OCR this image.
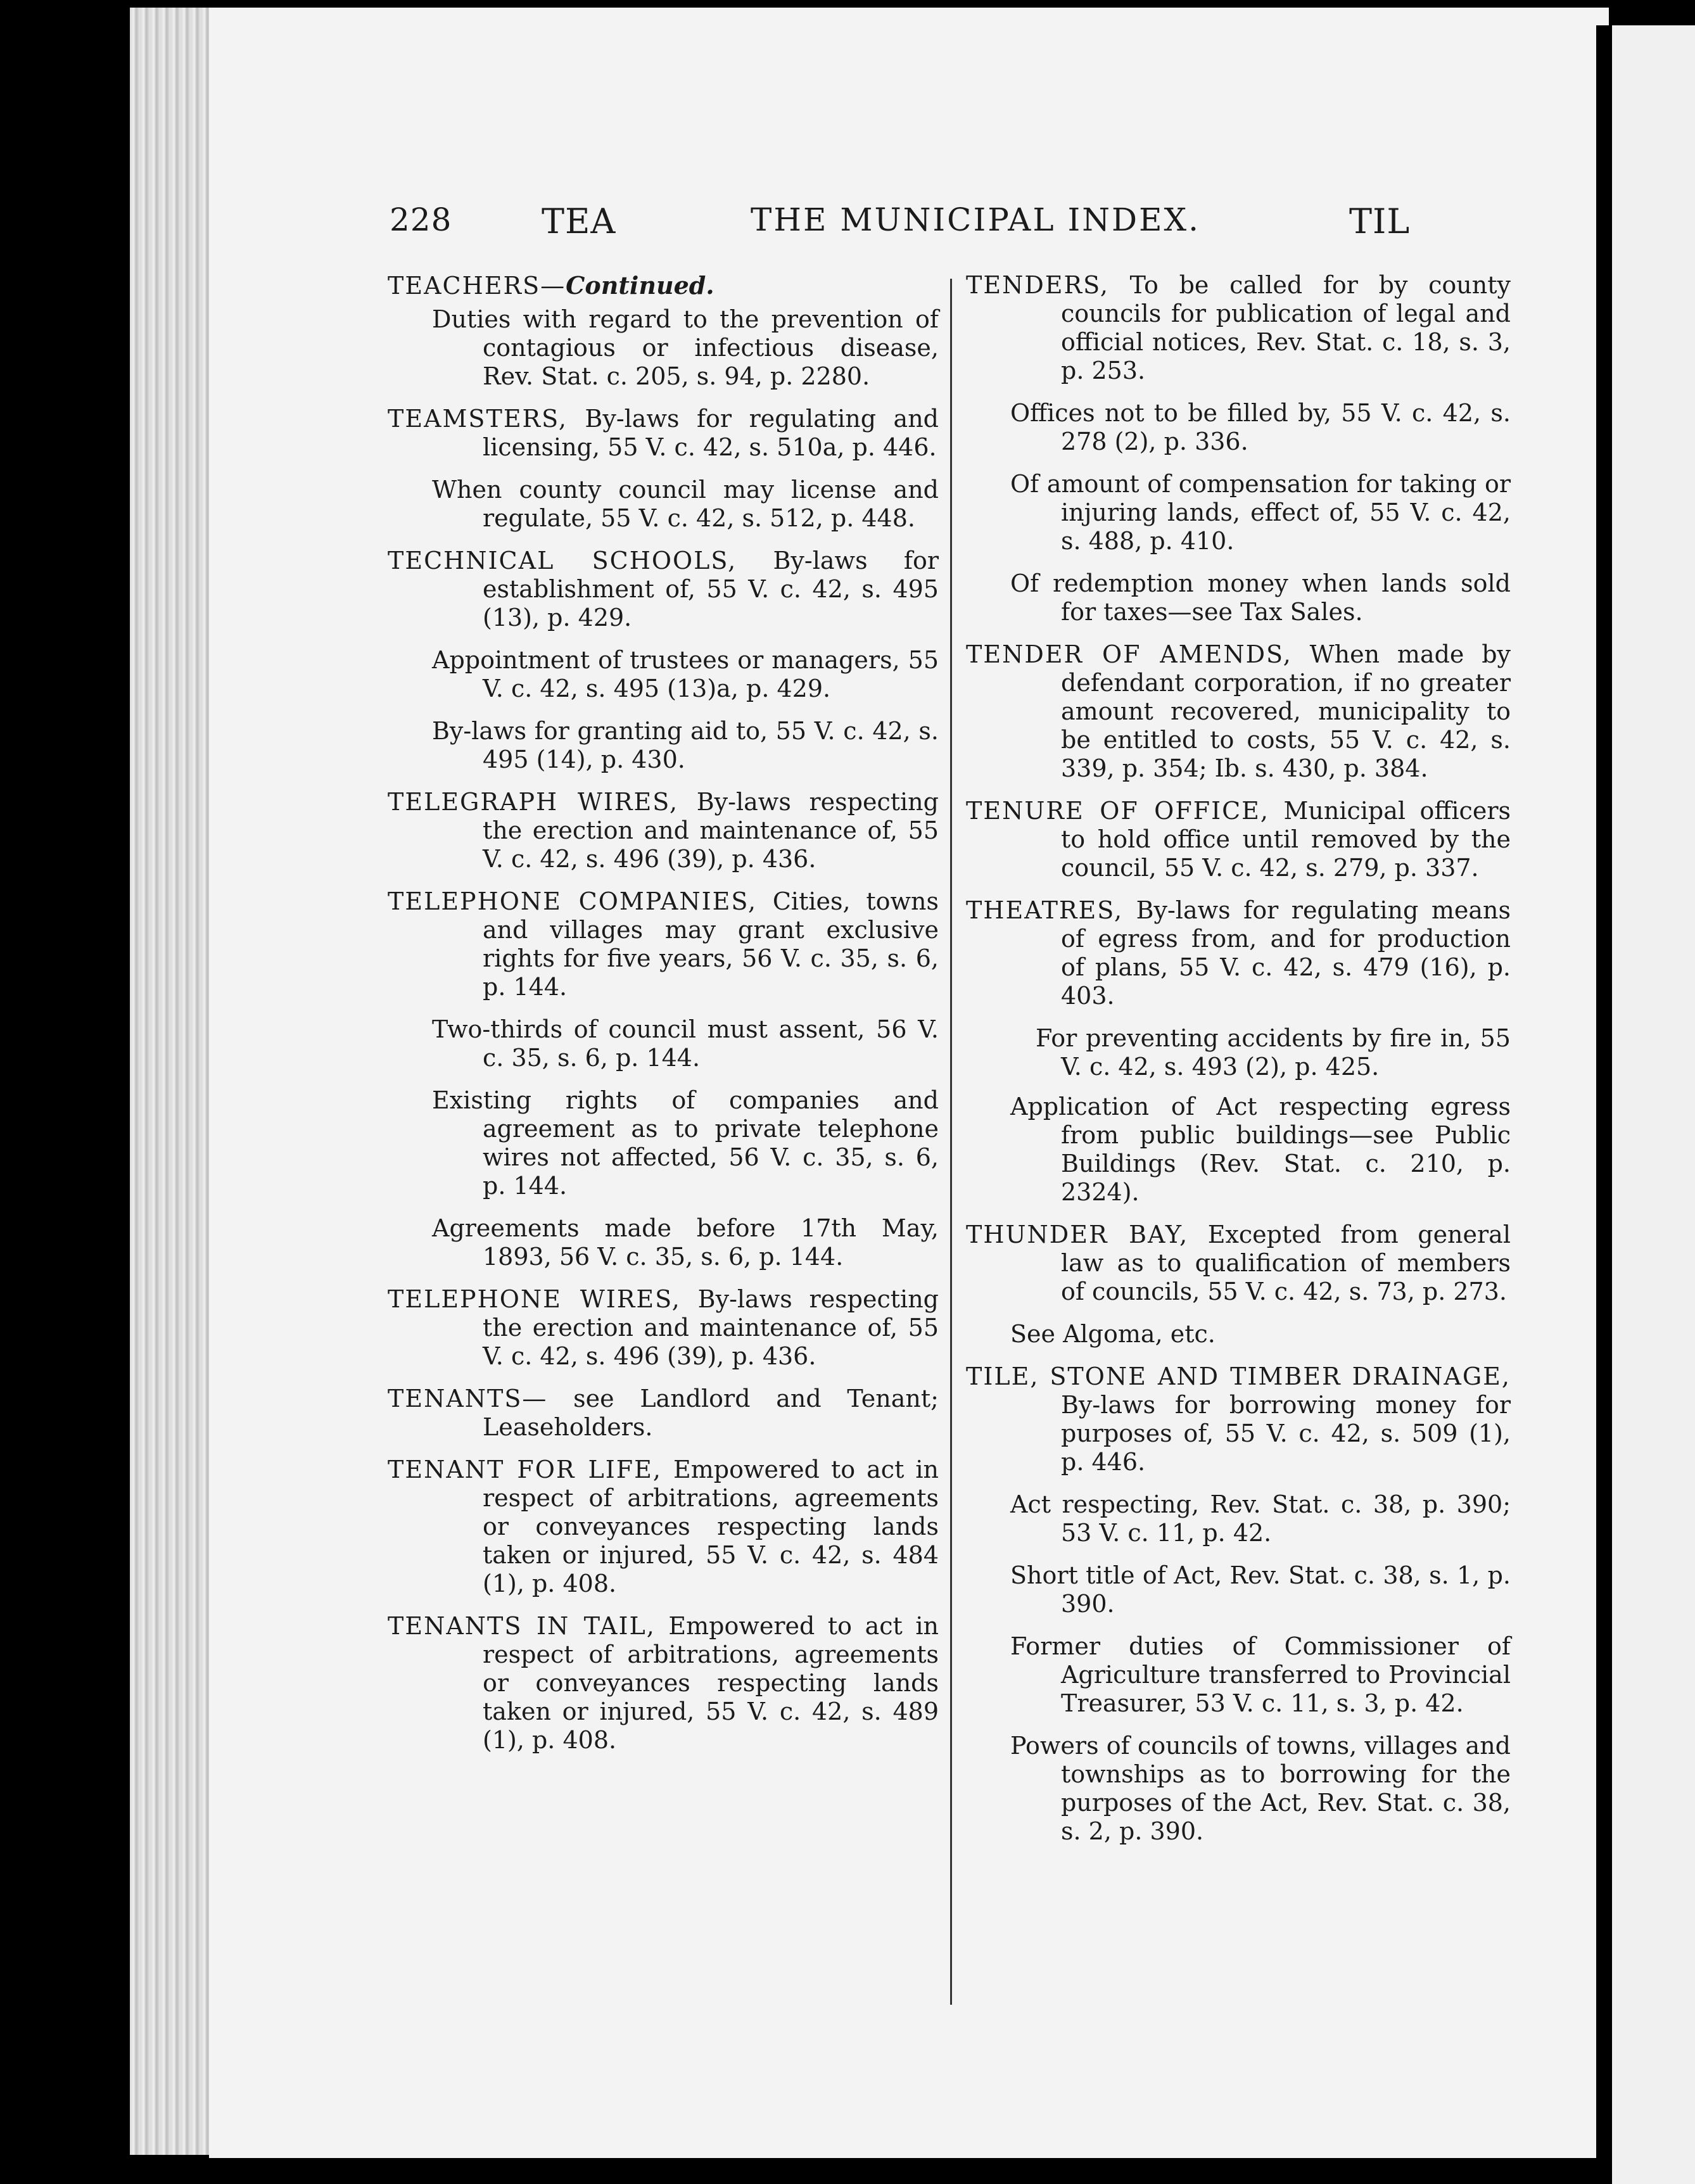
228	TEA	THE MUNICIPAL INDEX.	TIL

TEACHERS—Continued.

Duties with regard to the prevention of contagious or infectious disease, Rev. Stat. c. 205, s. 94, p. 2280.

TEAMSTERS, By-laws for regulating and licensing, 55 V. c. 42, s. 510a, p. 446.

When county council may license and regulate, 55 V. c. 42, s. 512, p. 448.

TECHNICAL SCHOOLS, By-laws for establishment of, 55 V. c. 42, s. 495 (13), p. 429.

Appointment of trustees or managers, 55 V. c. 42, s. 495 (13)a, p. 429.

By-laws for granting aid to, 55 V. c. 42, s. 495 (14), p. 430.

TELEGRAPH WIRES, By-laws respecting the erection and maintenance of, 55 V. c. 42, s. 496 (39), p. 436.

TELEPHONE COMPANIES, Cities, towns and villages may grant exclusive rights for five years, 56 V. c. 35, s. 6, p. 144.

Two-thirds of council must assent, 56 V. c. 35, s. 6, p. 144.

Existing rights of companies and agreement as to private telephone wires not affected, 56 V. c. 35, s. 6, p. 144.

Agreements made before 17th May, 1893, 56 V. c. 35, s. 6, p. 144.

TELEPHONE WIRES, By-laws respecting the erection and maintenance of, 55 V. c. 42, s. 496 (39), p. 436.

TENANTS— see Landlord and Tenant; Leaseholders.

TENANT FOR LIFE, Empowered to act in respect of arbitrations, agreements or conveyances respecting lands taken or injured, 55 V. c. 42, s. 484 (1), p. 408.

TENANTS IN TAIL, Empowered to act in respect of arbitrations, agreements or conveyances respecting lands taken or injured, 55 V. c. 42, s. 489 (1), p. 408.

TENDERS, To be called for by county councils for publication of legal and official notices, Rev. Stat. c. 18, s. 3, p. 253.

Offices not to be filled by, 55 V. c. 42, s. 278 (2), p. 336.

Of amount of compensation for taking or injuring lands, effect of, 55 V. c. 42, s. 488, p. 410.

Of redemption money when lands sold for taxes—see Tax Sales.

TENDER OF AMENDS, When made by defendant corporation, if no greater amount recovered, municipality to be entitled to costs, 55 V. c. 42, s. 339, p. 354; Ib. s. 430, p. 384.

TENURE OF OFFICE, Municipal officers to hold office until removed by the council, 55 V. c. 42, s. 279, p. 337.

THEATRES, By-laws for regulating means of egress from, and for production of plans, 55 V. c. 42, s. 479 (16), p. 403.

For preventing accidents by fire in, 55 V. c. 42, s. 493 (2), p. 425.

Application of Act respecting egress from public buildings—see Public Buildings (Rev. Stat. c. 210, p. 2324).

THUNDER BAY, Excepted from general law as to qualification of members of councils, 55 V. c. 42, s. 73, p. 273.

See Algoma, etc.

TILE, STONE AND TIMBER DRAINAGE, By-laws for borrowing money for purposes of, 55 V. c. 42, s. 509 (1), p. 446.

Act respecting, Rev. Stat. c. 38, p. 390; 53 V. c. 11, p. 42.

Short title of Act, Rev. Stat. c. 38, s. 1, p. 390.

Former duties of Commissioner of Agriculture transferred to Provincial Treasurer, 53 V. c. 11, s. 3, p. 42.

Powers of councils of towns, villages and townships as to borrowing for the purposes of the Act, Rev. Stat. c. 38, s. 2, p. 390.
